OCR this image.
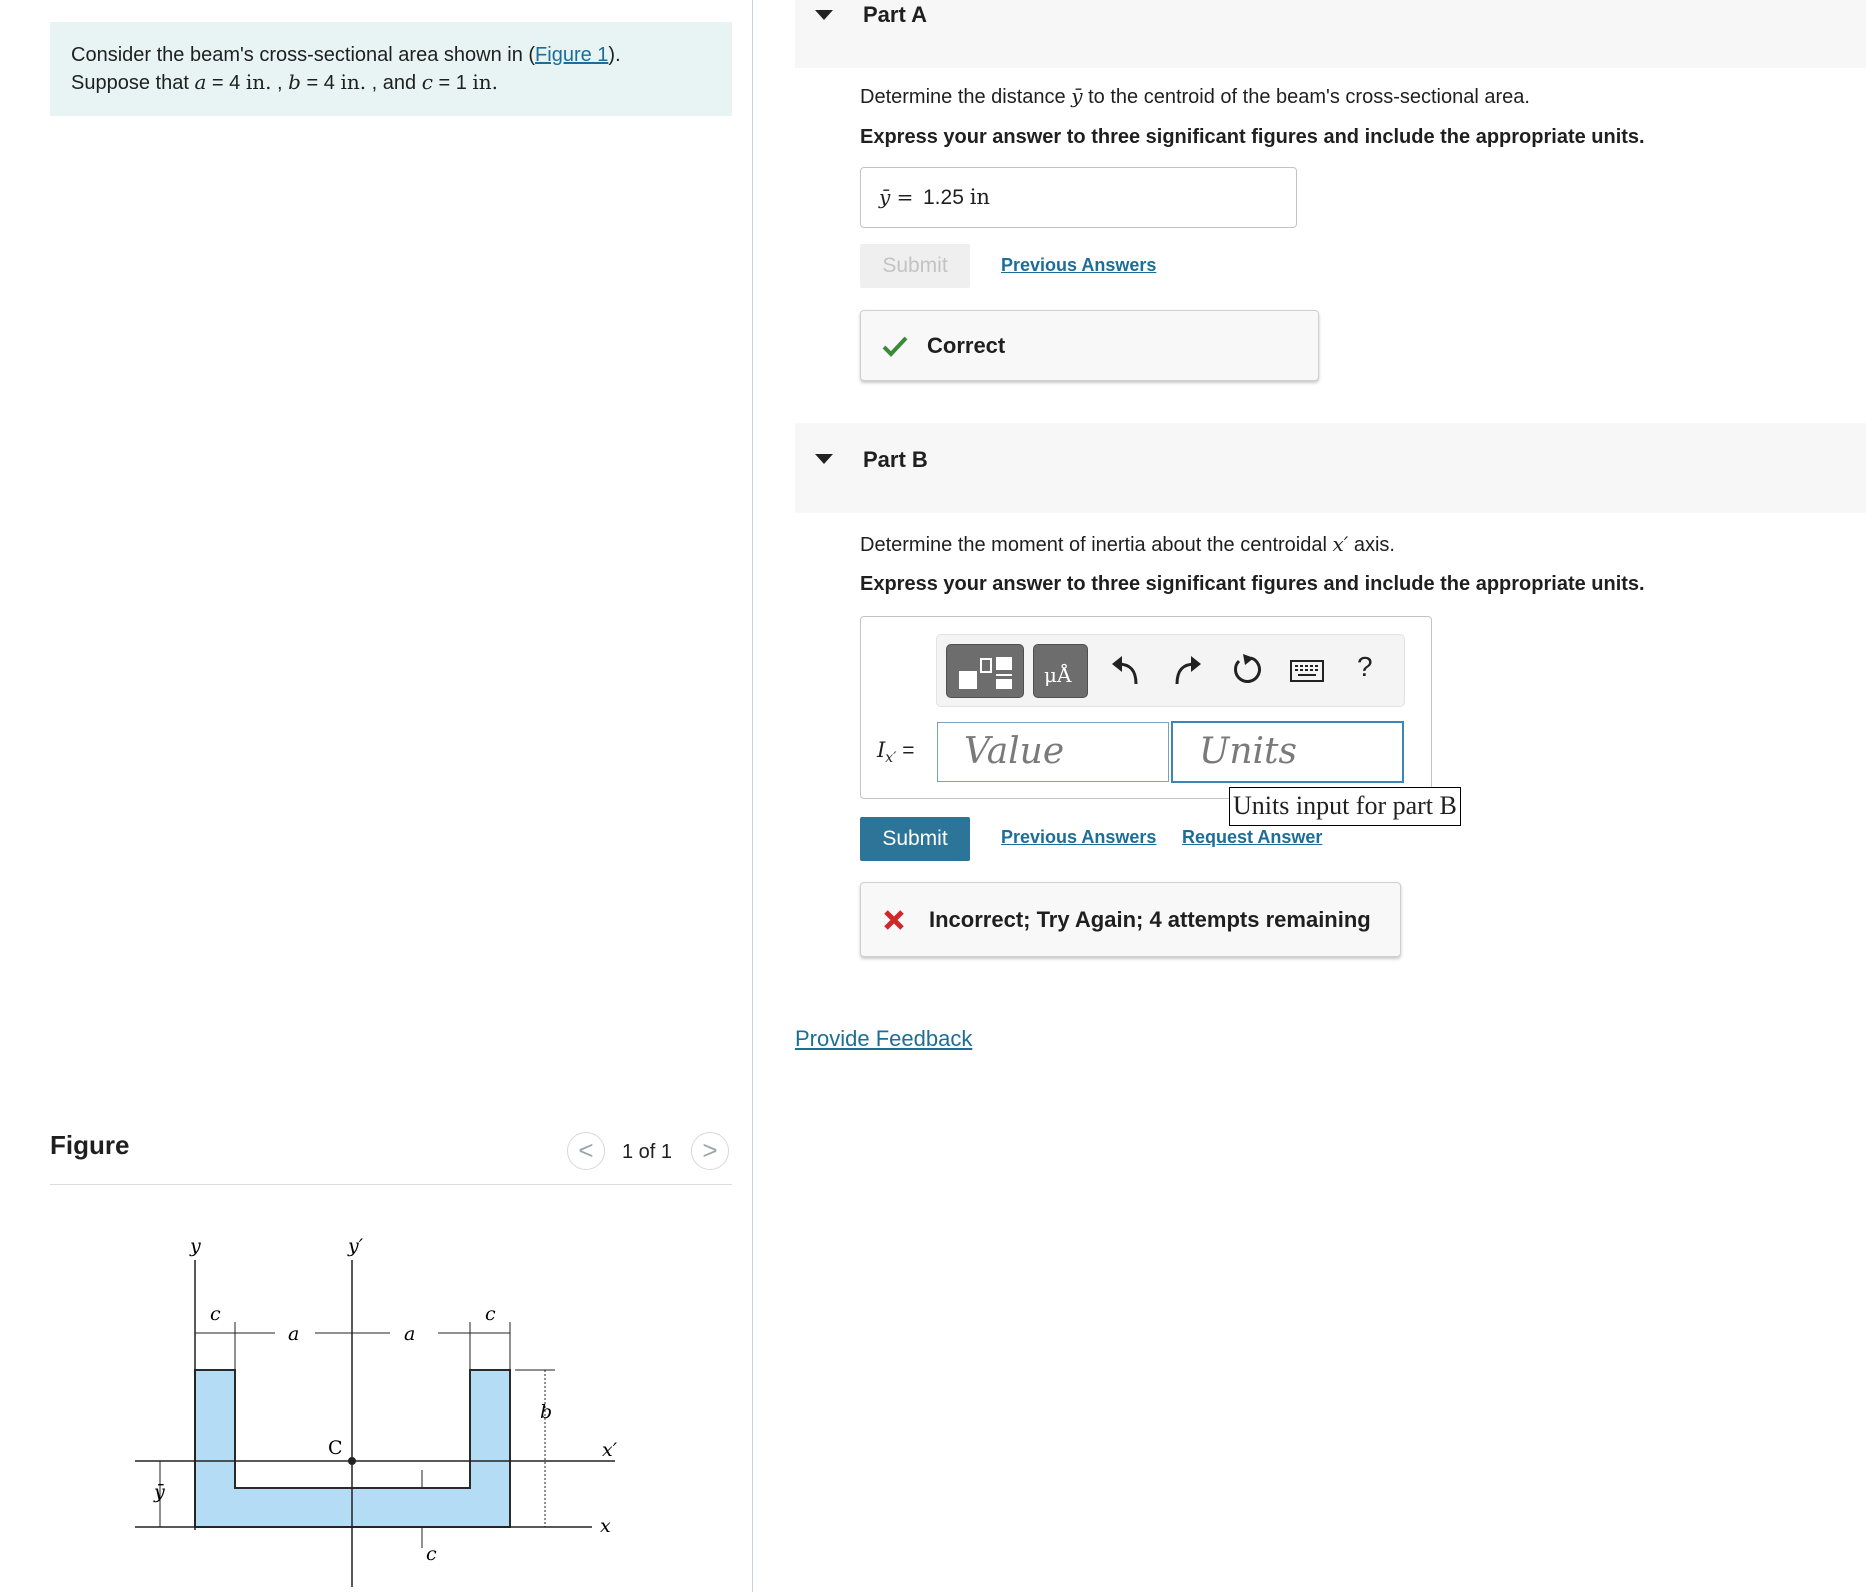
Consider the beam's cross-sectional area shown in (Figure 1).
Suppose that a = 4 in. , b = 4 in. , and c = 1 in.
Figure	<	1 of 1	>
y	y′
c
a	a
c
b
C	x′
x
ȳ
c
Part A
Determine the distance ȳ to the centroid of the beam's cross-sectional area.
Express your answer to three significant figures and include the appropriate units.
ȳ = 1.25 in
Submit	Previous Answers
Correct
Part B
Determine the moment of inertia about the centroidal x′ axis.
Express your answer to three significant figures and include the appropriate units.
μÅ	?
$I_{x'}$ =	Value	Units
Units input for part B
Submit	Previous Answers Request Answer
Incorrect; Try Again; 4 attempts remaining
Provide Feedback
